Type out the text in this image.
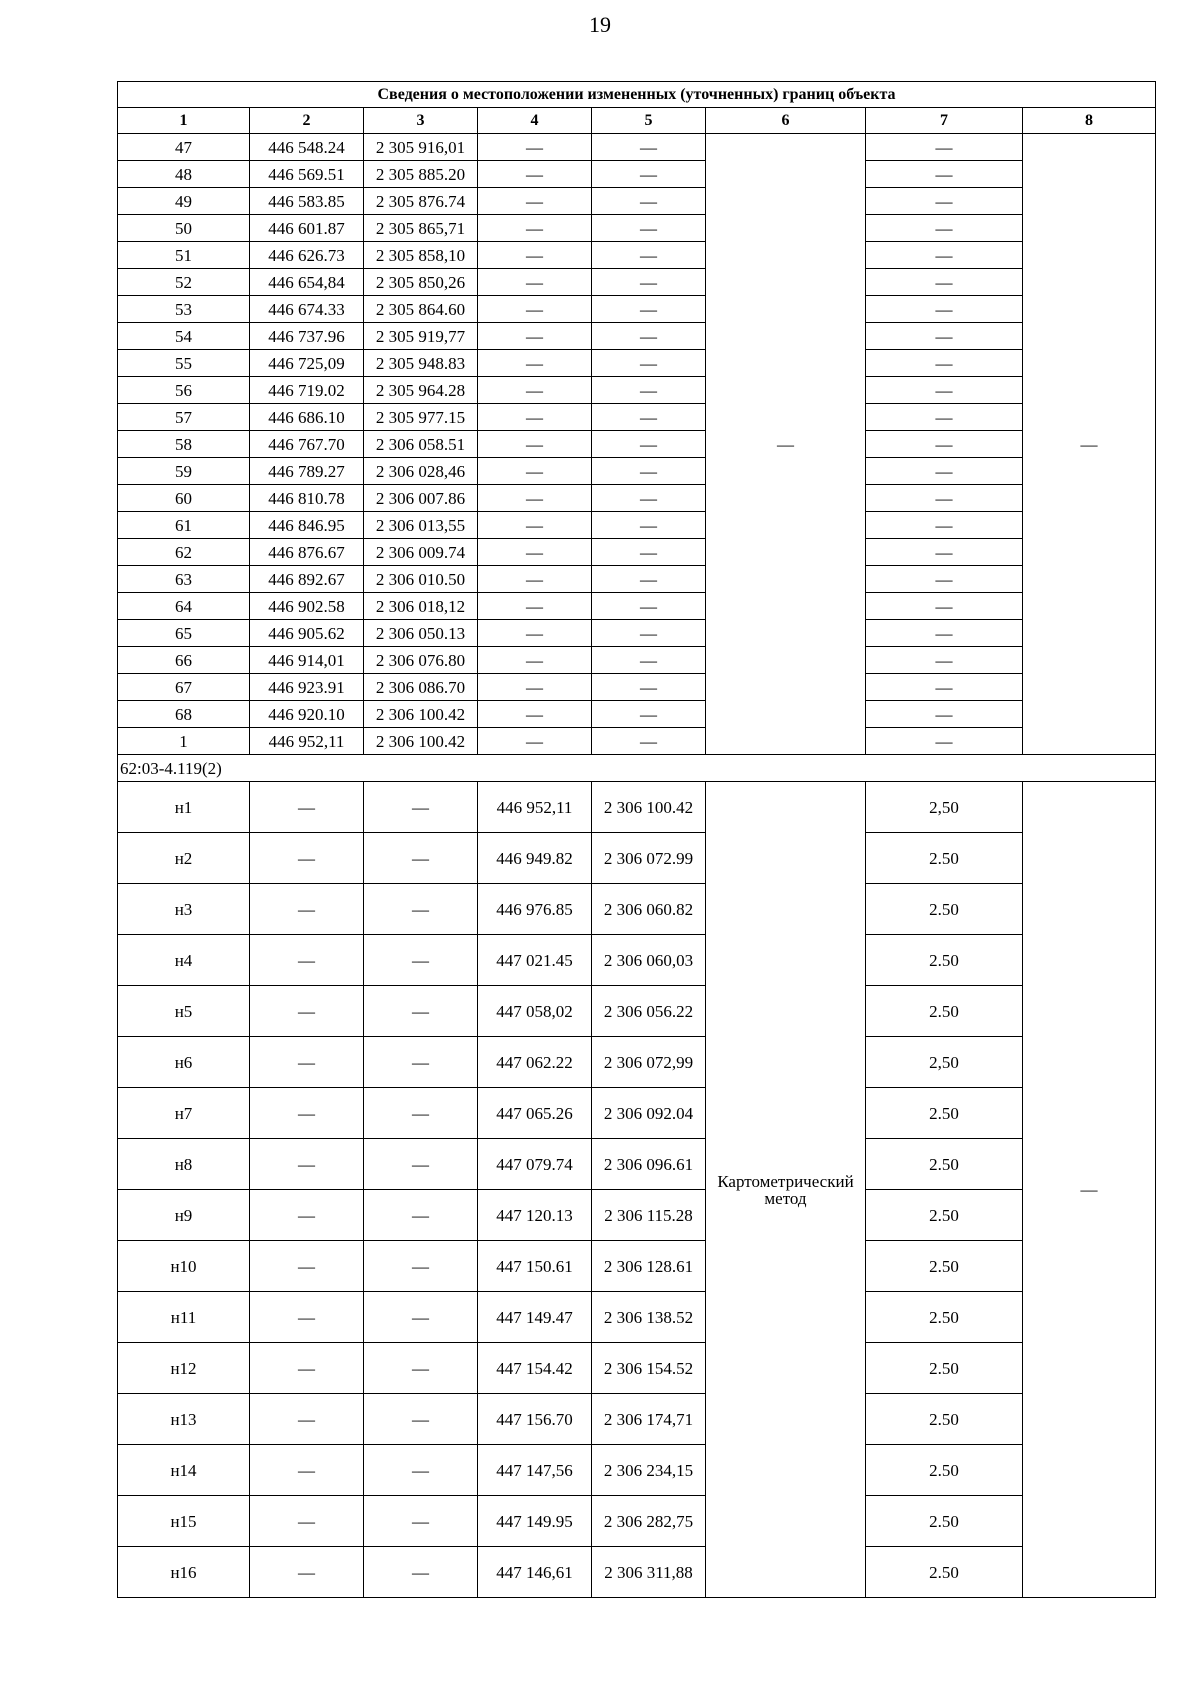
19
Сведения о местоположении измененных (уточненных) границ объекта							
1	2	3	4	5	6	7	8
47	446 548.24	2 305 916,01	—	—	—	—	—
48	446 569.51	2 305 885.20	—	—		—	
49	446 583.85	2 305 876.74	—	—		—	
50	446 601.87	2 305 865,71	—	—		—	
51	446 626.73	2 305 858,10	—	—		—	
52	446 654,84	2 305 850,26	—	—		—	
53	446 674.33	2 305 864.60	—	—		—	
54	446 737.96	2 305 919,77	—	—		—	
55	446 725,09	2 305 948.83	—	—		—	
56	446 719.02	2 305 964.28	—	—		—	
57	446 686.10	2 305 977.15	—	—		—	
58	446 767.70	2 306 058.51	—	—		—	
59	446 789.27	2 306 028,46	—	—		—	
60	446 810.78	2 306 007.86	—	—		—	
61	446 846.95	2 306 013,55	—	—		—	
62	446 876.67	2 306 009.74	—	—		—	
63	446 892.67	2 306 010.50	—	—		—	
64	446 902.58	2 306 018,12	—	—		—	
65	446 905.62	2 306 050.13	—	—		—	
66	446 914,01	2 306 076.80	—	—		—	
67	446 923.91	2 306 086.70	—	—		—	
68	446 920.10	2 306 100.42	—	—		—	
1	446 952,11	2 306 100.42	—	—		—	
62:03-4.119(2)							
н1	—	—	446 952,11	2 306 100.42	Картометрический метод	2,50	—
н2	—	—	446 949.82	2 306 072.99		2.50	
н3	—	—	446 976.85	2 306 060.82		2.50	
н4	—	—	447 021.45	2 306 060,03		2.50	
н5	—	—	447 058,02	2 306 056.22		2.50	
н6	—	—	447 062.22	2 306 072,99		2,50	
н7	—	—	447 065.26	2 306 092.04		2.50	
н8	—	—	447 079.74	2 306 096.61		2.50	
н9	—	—	447 120.13	2 306 115.28		2.50	
н10	—	—	447 150.61	2 306 128.61		2.50	
н11	—	—	447 149.47	2 306 138.52		2.50	
н12	—	—	447 154.42	2 306 154.52		2.50	
н13	—	—	447 156.70	2 306 174,71		2.50	
н14	—	—	447 147,56	2 306 234,15		2.50	
н15	—	—	447 149.95	2 306 282,75		2.50	
н16	—	—	447 146,61	2 306 311,88		2.50	
